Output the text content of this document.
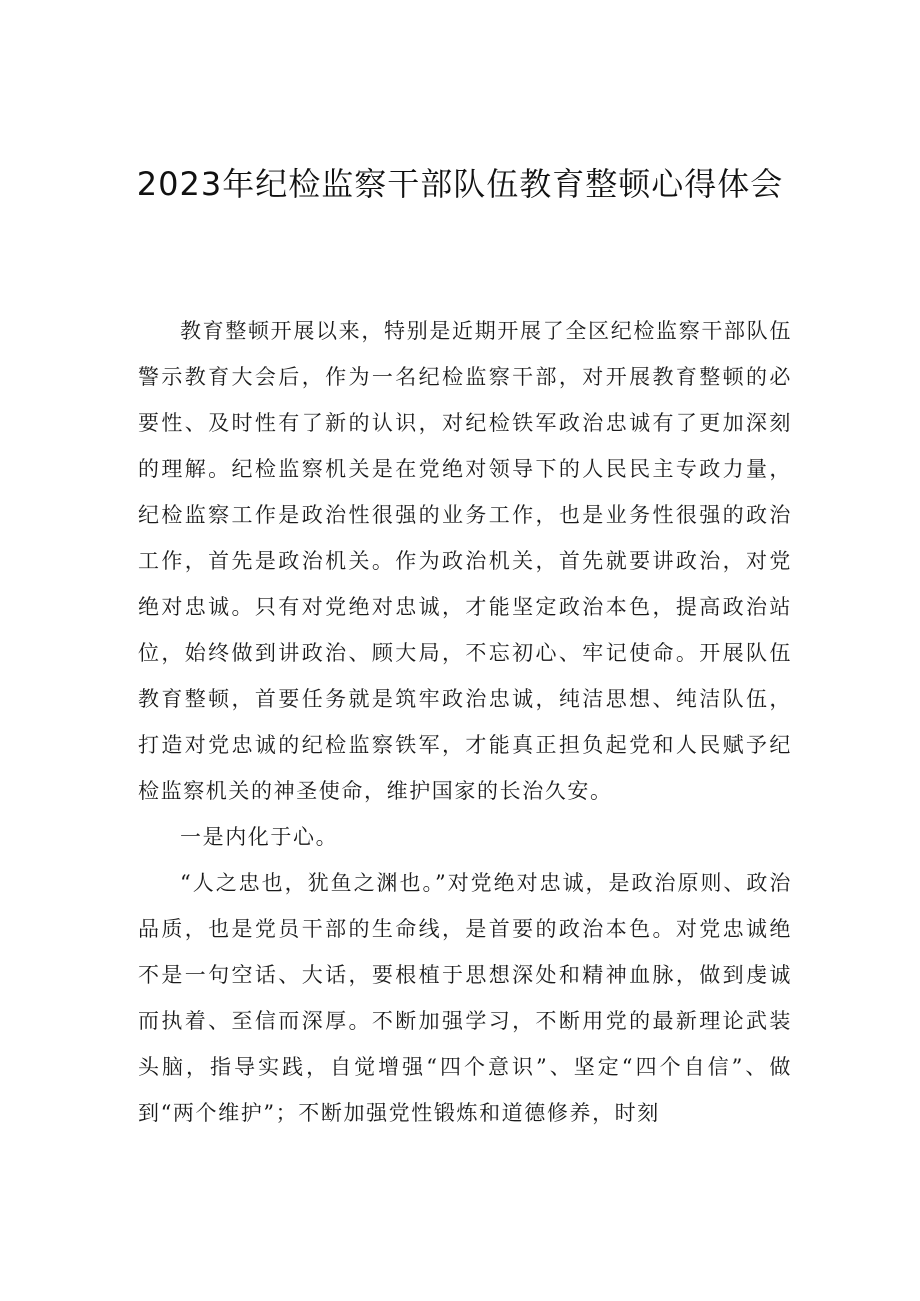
2023年纪检监察干部队伍教育整顿心得体会

教育整顿开展以来，特别是近期开展了全区纪检监察干部队伍警示教育大会后，作为一名纪检监察干部，对开展教育整顿的必要性、及时性有了新的认识，对纪检铁军政治忠诚有了更加深刻的理解。纪检监察机关是在党绝对领导下的人民民主专政力量，纪检监察工作是政治性很强的业务工作，也是业务性很强的政治工作，首先是政治机关。作为政治机关，首先就要讲政治，对党绝对忠诚。只有对党绝对忠诚，才能坚定政治本色，提高政治站位，始终做到讲政治、顾大局，不忘初心、牢记使命。开展队伍教育整顿，首要任务就是筑牢政治忠诚，纯洁思想、纯洁队伍，打造对党忠诚的纪检监察铁军，才能真正担负起党和人民赋予纪检监察机关的神圣使命，维护国家的长治久安。

一是内化于心。

“人之忠也，犹鱼之渊也。”对党绝对忠诚，是政治原则、政治品质，也是党员干部的生命线，是首要的政治本色。对党忠诚绝不是一句空话、大话，要根植于思想深处和精神血脉，做到虔诚而执着、至信而深厚。不断加强学习，不断用党的最新理论武装头脑，指导实践，自觉增强“四个意识”、坚定“四个自信”、做到“两个维护”；不断加强党性锻炼和道德修养，时刻
